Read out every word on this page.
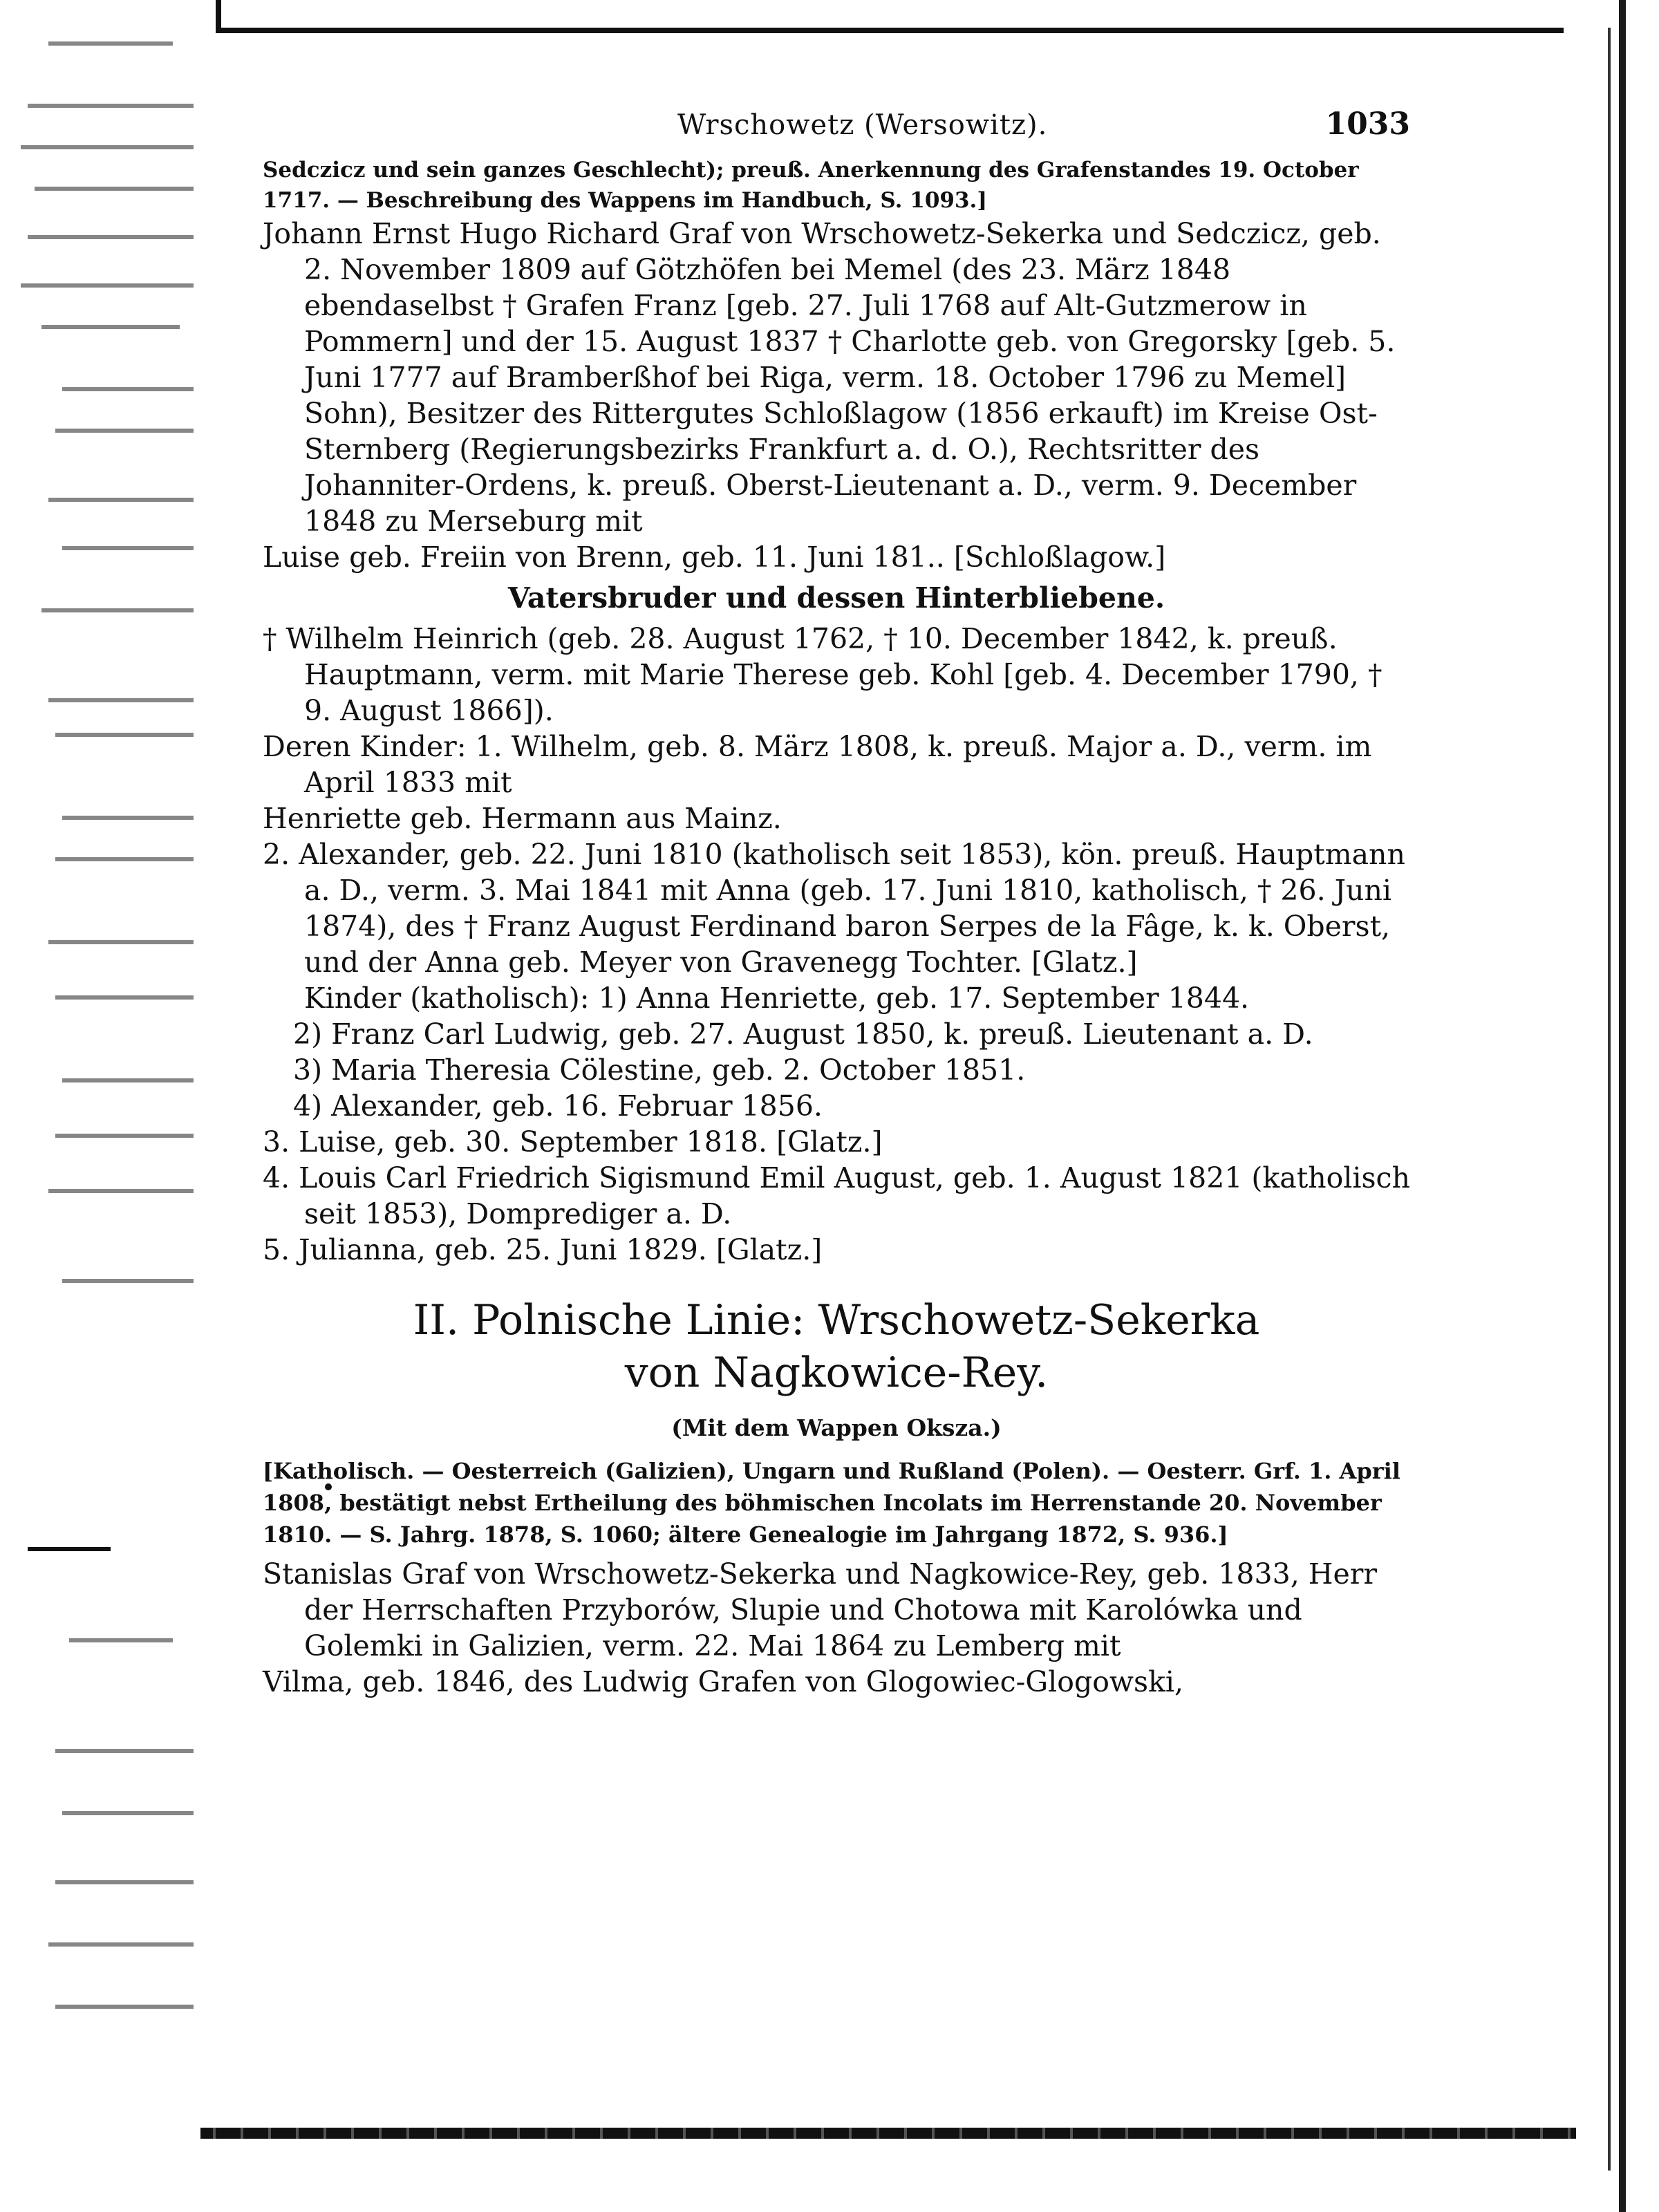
Wrschowetz (Wersowitz).	1033

Sedczicz und sein ganzes Geschlecht); preuß. Anerkennung des Grafenstandes 19. October 1717. — Beschreibung des Wappens im Handbuch, S. 1093.]

Johann Ernst Hugo Richard Graf von Wrschowetz-Sekerka und Sedczicz, geb. 2. November 1809 auf Götzhöfen bei Memel (des 23. März 1848 ebendaselbst † Grafen Franz [geb. 27. Juli 1768 auf Alt-Gutzmerow in Pommern] und der 15. August 1837 † Charlotte geb. von Gregorsky [geb. 5. Juni 1777 auf Bramberßhof bei Riga, verm. 18. October 1796 zu Memel] Sohn), Besitzer des Rittergutes Schloßlagow (1856 erkauft) im Kreise Ost-Sternberg (Regierungsbezirks Frankfurt a. d. O.), Rechtsritter des Johanniter-Ordens, k. preuß. Oberst-Lieutenant a. D., verm. 9. December 1848 zu Merseburg mit

Luise geb. Freiin von Brenn, geb. 11. Juni 181.. [Schloßlagow.]

Vatersbruder und dessen Hinterbliebene.

† Wilhelm Heinrich (geb. 28. August 1762, † 10. December 1842, k. preuß. Hauptmann, verm. mit Marie Therese geb. Kohl [geb. 4. December 1790, † 9. August 1866]).

Deren Kinder: 1. Wilhelm, geb. 8. März 1808, k. preuß. Major a. D., verm. im April 1833 mit

Henriette geb. Hermann aus Mainz.

2. Alexander, geb. 22. Juni 1810 (katholisch seit 1853), kön. preuß. Hauptmann a. D., verm. 3. Mai 1841 mit Anna (geb. 17. Juni 1810, katholisch, † 26. Juni 1874), des † Franz August Ferdinand baron Serpes de la Fâge, k. k. Oberst, und der Anna geb. Meyer von Gravenegg Tochter. [Glatz.]

Kinder (katholisch): 1) Anna Henriette, geb. 17. September 1844.

2) Franz Carl Ludwig, geb. 27. August 1850, k. preuß. Lieutenant a. D.

3) Maria Theresia Cölestine, geb. 2. October 1851.

4) Alexander, geb. 16. Februar 1856.

3. Luise, geb. 30. September 1818. [Glatz.]

4. Louis Carl Friedrich Sigismund Emil August, geb. 1. August 1821 (katholisch seit 1853), Domprediger a. D.

5. Julianna, geb. 25. Juni 1829. [Glatz.]

II. Polnische Linie: Wrschowetz-Sekerka
von Nagkowice-Rey.

(Mit dem Wappen Oksza.)

[Katholisch. — Oesterreich (Galizien), Ungarn und Rußland (Polen). — Oesterr. Grf. 1. April 1808, bestätigt nebst Ertheilung des böhmischen Incolats im Herrenstande 20. November 1810. — S. Jahrg. 1878, S. 1060; ältere Genealogie im Jahrgang 1872, S. 936.]

Stanislas Graf von Wrschowetz-Sekerka und Nagkowice-Rey, geb. 1833, Herr der Herrschaften Przyborów, Slupie und Chotowa mit Karolówka und Golemki in Galizien, verm. 22. Mai 1864 zu Lemberg mit

Vilma, geb. 1846, des Ludwig Grafen von Glogowiec-Glogowski,
